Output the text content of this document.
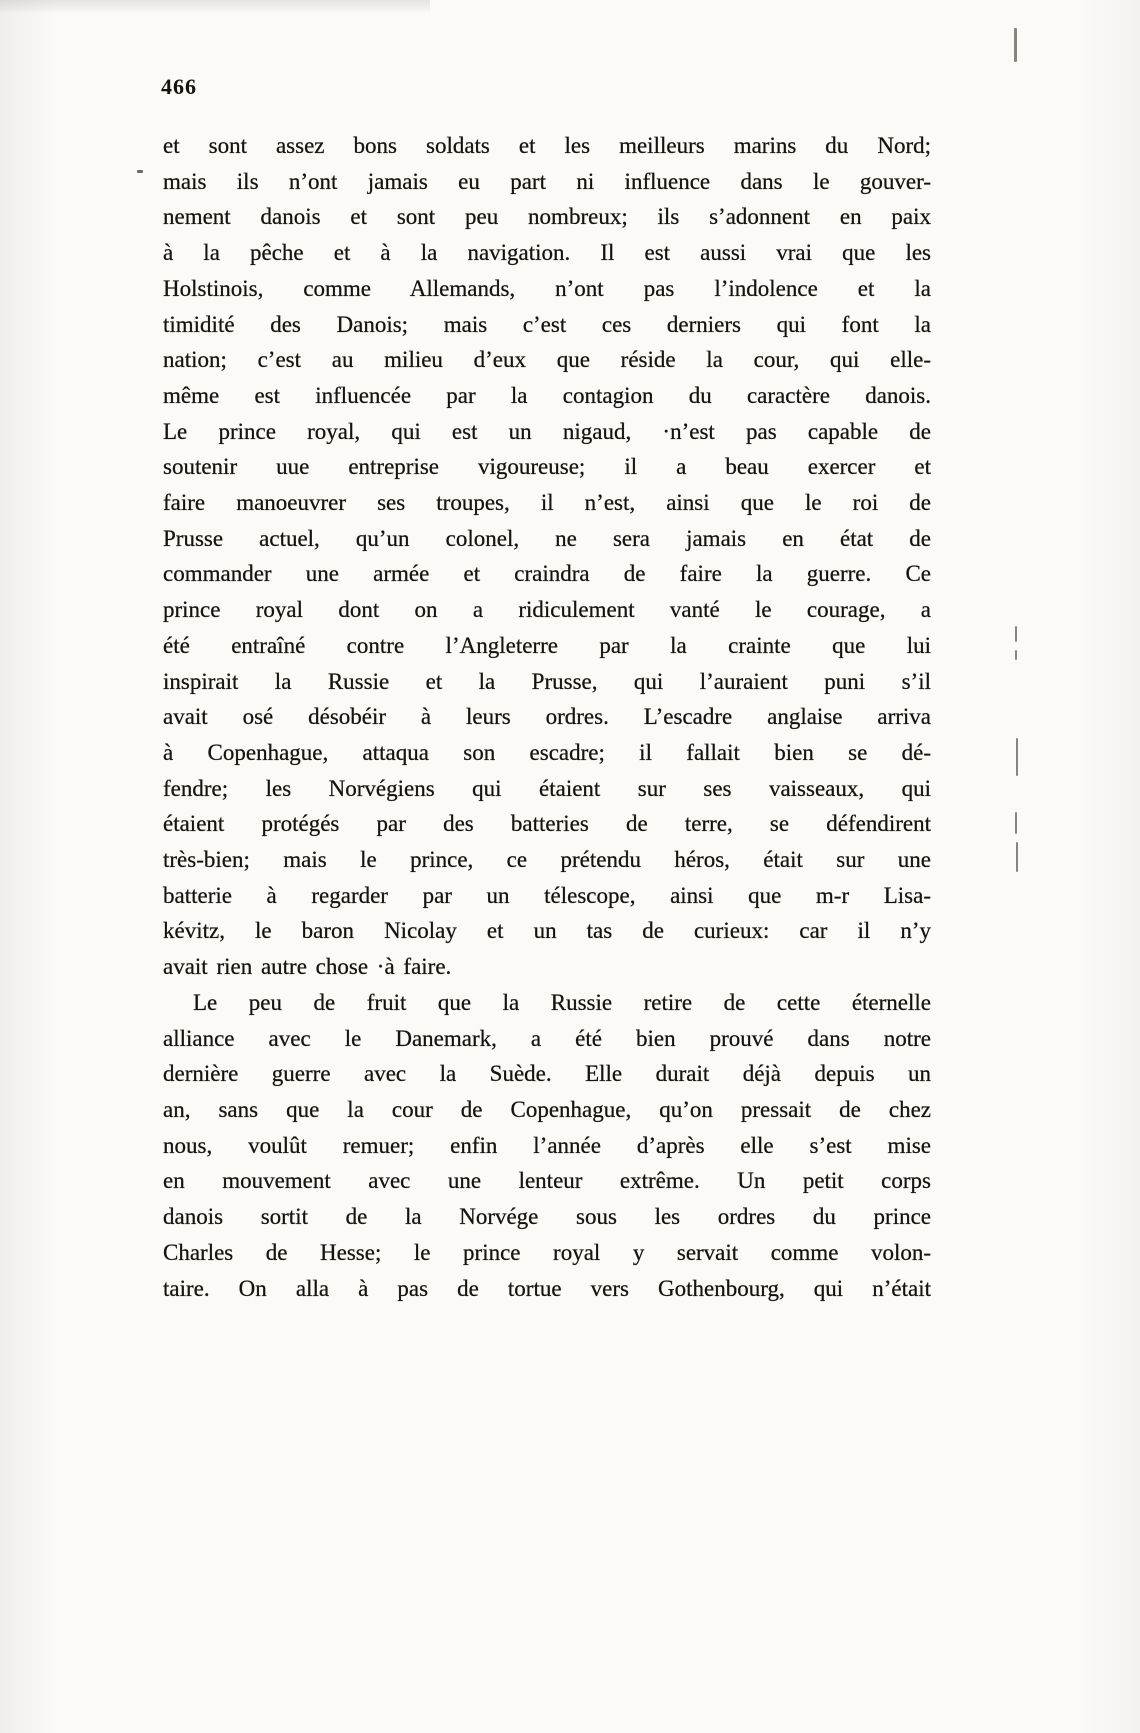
466
et sont assez bons soldats et les meilleurs marins du Nord;
mais ils n’ont jamais eu part ni influence dans le gouver-
nement danois et sont peu nombreux; ils s’adonnent en paix
à la pêche et à la navigation. Il est aussi vrai que les
Holstinois, comme Allemands, n’ont pas l’indolence et la
timidité des Danois; mais c’est ces derniers qui font la
nation; c’est au milieu d’eux que réside la cour, qui elle-
même est influencée par la contagion du caractère danois.
Le prince royal, qui est un nigaud, ·n’est pas capable de
soutenir uue entreprise vigoureuse; il a beau exercer et
faire manoeuvrer ses troupes, il n’est, ainsi que le roi de
Prusse actuel, qu’un colonel, ne sera jamais en état de
commander une armée et craindra de faire la guerre. Ce
prince royal dont on a ridiculement vanté le courage, a
été entraîné contre l’Angleterre par la crainte que lui
inspirait la Russie et la Prusse, qui l’auraient puni s’il
avait osé désobéir à leurs ordres. L’escadre anglaise arriva
à Copenhague, attaqua son escadre; il fallait bien se dé-
fendre; les Norvégiens qui étaient sur ses vaisseaux, qui
étaient protégés par des batteries de terre, se défendirent
très-bien; mais le prince, ce prétendu héros, était sur une
batterie à regarder par un télescope, ainsi que m-r Lisa-
kévitz, le baron Nicolay et un tas de curieux: car il n’y
avait rien autre chose ·à faire.
Le peu de fruit que la Russie retire de cette éternelle
alliance avec le Danemark, a été bien prouvé dans notre
dernière guerre avec la Suède. Elle durait déjà depuis un
an, sans que la cour de Copenhague, qu’on pressait de chez
nous, voulût remuer; enfin l’année d’après elle s’est mise
en mouvement avec une lenteur extrême. Un petit corps
danois sortit de la Norvége sous les ordres du prince
Charles de Hesse; le prince royal y servait comme volon-
taire. On alla à pas de tortue vers Gothenbourg, qui n’était
